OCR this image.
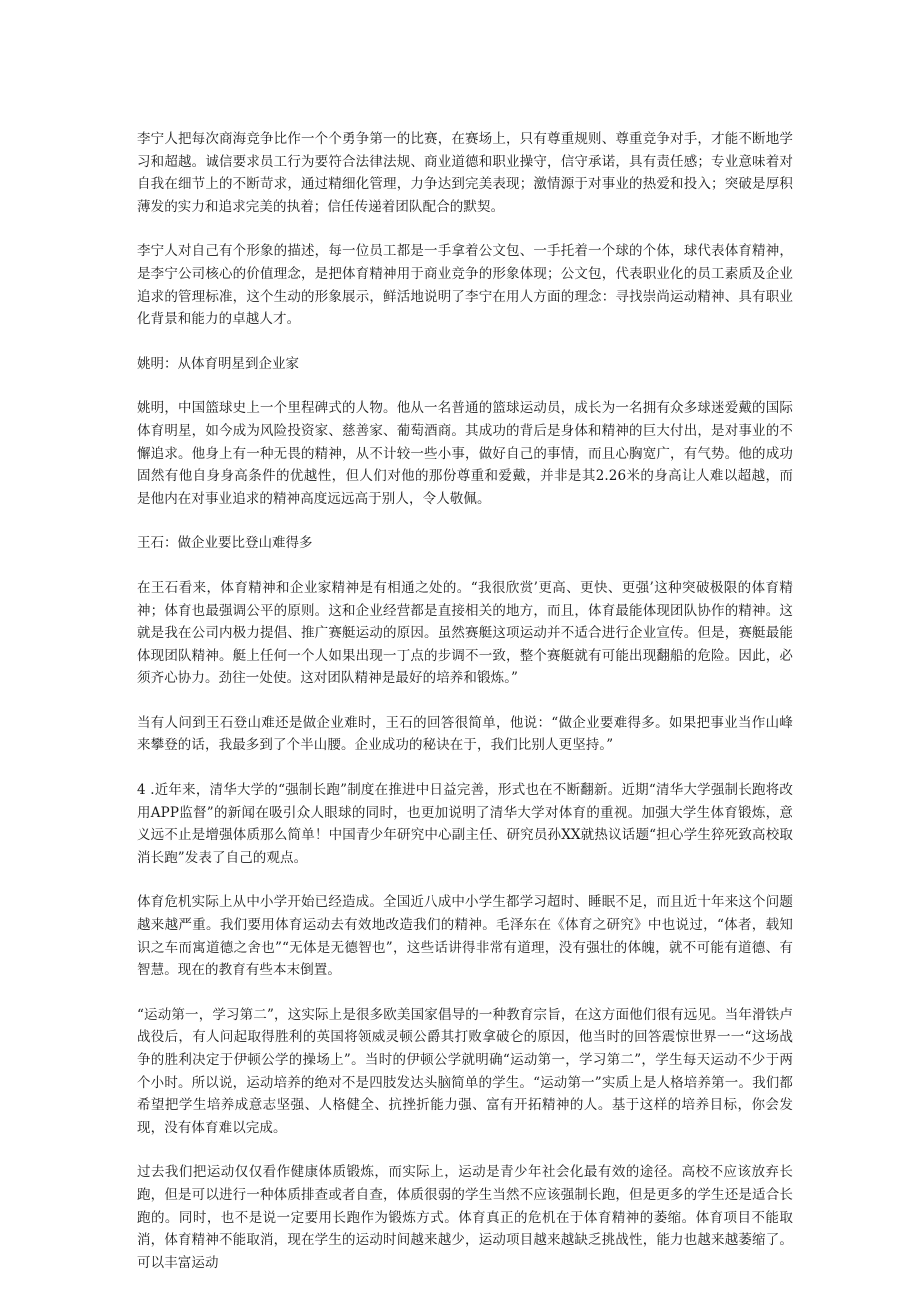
李宁人把每次商海竞争比作一个个勇争第一的比赛，在赛场上，只有尊重规则、尊重竞争对手，才能不断地学习和超越。诚信要求员工行为要符合法律法规、商业道德和职业操守，信守承诺，具有责任感；专业意味着对自我在细节上的不断苛求，通过精细化管理，力争达到完美表现；激情源于对事业的热爱和投入；突破是厚积薄发的实力和追求完美的执着；信任传递着团队配合的默契。

李宁人对自己有个形象的描述，每一位员工都是一手拿着公文包、一手托着一个球的个体，球代表体育精神，是李宁公司核心的价值理念，是把体育精神用于商业竞争的形象体现；公文包，代表职业化的员工素质及企业追求的管理标准，这个生动的形象展示，鲜活地说明了李宁在用人方面的理念：寻找崇尚运动精神、具有职业化背景和能力的卓越人才。

姚明：从体育明星到企业家

姚明，中国篮球史上一个里程碑式的人物。他从一名普通的篮球运动员，成长为一名拥有众多球迷爱戴的国际体育明星，如今成为风险投资家、慈善家、葡萄酒商。其成功的背后是身体和精神的巨大付出，是对事业的不懈追求。他身上有一种无畏的精神，从不计较一些小事，做好自己的事情，而且心胸宽广，有气势。他的成功固然有他自身身高条件的优越性，但人们对他的那份尊重和爱戴，并非是其2.26米的身高让人难以超越，而是他内在对事业追求的精神高度远远高于别人，令人敬佩。

王石：做企业要比登山难得多

在王石看来，体育精神和企业家精神是有相通之处的。“我很欣赏’更高、更快、更强’这种突破极限的体育精神；体育也最强调公平的原则。这和企业经营都是直接相关的地方，而且，体育最能体现团队协作的精神。这就是我在公司内极力提倡、推广赛艇运动的原因。虽然赛艇这项运动并不适合进行企业宣传。但是，赛艇最能体现团队精神。艇上任何一个人如果出现一丁点的步调不一致，整个赛艇就有可能出现翻船的危险。因此，必须齐心协力。劲往一处使。这对团队精神是最好的培养和锻炼。”

当有人问到王石登山难还是做企业难时，王石的回答很简单，他说：“做企业要难得多。如果把事业当作山峰来攀登的话，我最多到了个半山腰。企业成功的秘诀在于，我们比别人更坚持。”

4 .近年来，清华大学的“强制长跑”制度在推进中日益完善，形式也在不断翻新。近期“清华大学强制长跑将改用APP监督”的新闻在吸引众人眼球的同时，也更加说明了清华大学对体育的重视。加强大学生体育锻炼，意义远不止是增强体质那么简单！中国青少年研究中心副主任、研究员孙XX就热议话题“担心学生猝死致高校取消长跑”发表了自己的观点。

体育危机实际上从中小学开始已经造成。全国近八成中小学生都学习超时、睡眠不足，而且近十年来这个问题越来越严重。我们要用体育运动去有效地改造我们的精神。毛泽东在《体育之研究》中也说过，“体者，载知识之车而寓道德之舍也”“无体是无德智也”，这些话讲得非常有道理，没有强壮的体魄，就不可能有道德、有智慧。现在的教育有些本末倒置。

“运动第一，学习第二”，这实际上是很多欧美国家倡导的一种教育宗旨，在这方面他们很有远见。当年滑铁卢战役后，有人问起取得胜利的英国将领威灵顿公爵其打败拿破仑的原因，他当时的回答震惊世界一一“这场战争的胜利决定于伊顿公学的操场上”。当时的伊顿公学就明确“运动第一，学习第二”，学生每天运动不少于两个小时。所以说，运动培养的绝对不是四肢发达头脑简单的学生。“运动第一”实质上是人格培养第一。我们都希望把学生培养成意志坚强、人格健全、抗挫折能力强、富有开拓精神的人。基于这样的培养目标，你会发现，没有体育难以完成。

过去我们把运动仅仅看作健康体质锻炼，而实际上，运动是青少年社会化最有效的途径。高校不应该放弃长跑，但是可以进行一种体质排查或者自查，体质很弱的学生当然不应该强制长跑，但是更多的学生还是适合长跑的。同时，也不是说一定要用长跑作为锻炼方式。体育真正的危机在于体育精神的萎缩。体育项目不能取消，体育精神不能取消，现在学生的运动时间越来越少，运动项目越来越缺乏挑战性，能力也越来越萎缩了。可以丰富运动
